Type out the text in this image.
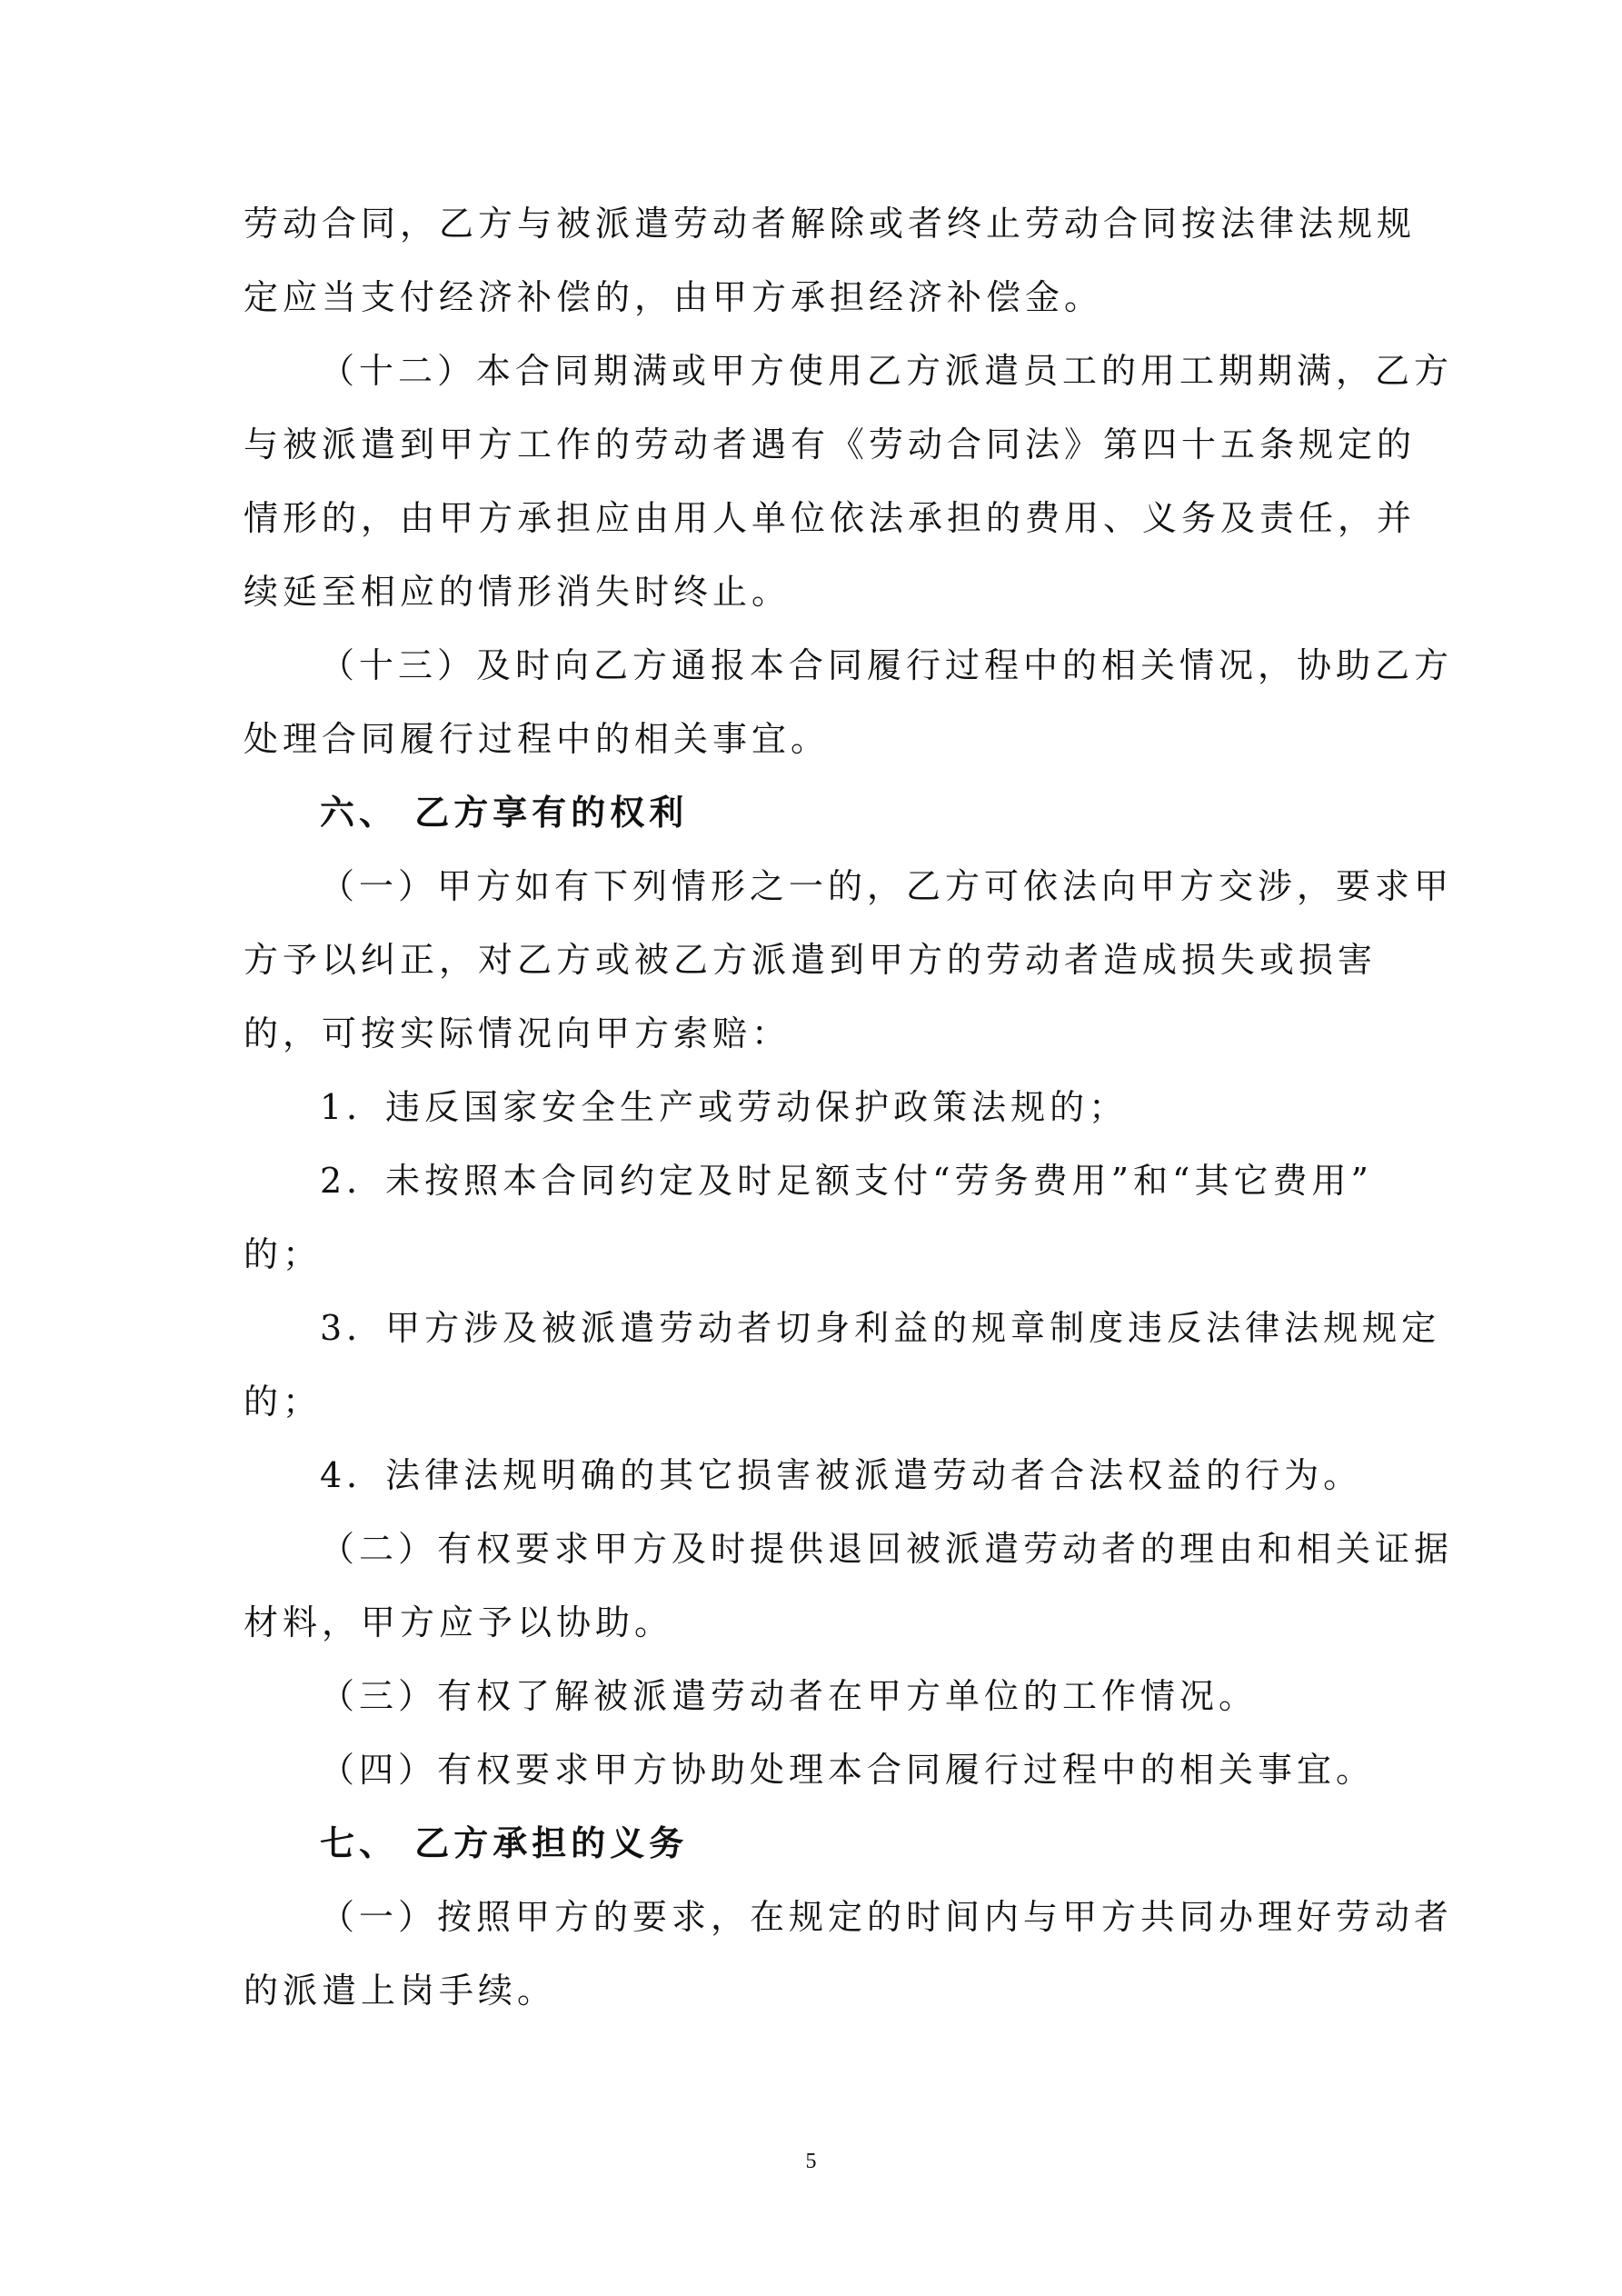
劳动合同，乙方与被派遣劳动者解除或者终止劳动合同按法律法规规
定应当支付经济补偿的，由甲方承担经济补偿金。
（十二）本合同期满或甲方使用乙方派遣员工的用工期期满，乙方
与被派遣到甲方工作的劳动者遇有《劳动合同法》第四十五条规定的
情形的，由甲方承担应由用人单位依法承担的费用、义务及责任，并
续延至相应的情形消失时终止。
（十三）及时向乙方通报本合同履行过程中的相关情况，协助乙方
处理合同履行过程中的相关事宜。
六、 乙方享有的权利
（一）甲方如有下列情形之一的，乙方可依法向甲方交涉，要求甲
方予以纠正，对乙方或被乙方派遣到甲方的劳动者造成损失或损害
的，可按实际情况向甲方索赔：
1．违反国家安全生产或劳动保护政策法规的；
2．未按照本合同约定及时足额支付“劳务费用”和“其它费用”
的；
3．甲方涉及被派遣劳动者切身利益的规章制度违反法律法规规定
的；
4．法律法规明确的其它损害被派遣劳动者合法权益的行为。
（二）有权要求甲方及时提供退回被派遣劳动者的理由和相关证据
材料，甲方应予以协助。
（三）有权了解被派遣劳动者在甲方单位的工作情况。
（四）有权要求甲方协助处理本合同履行过程中的相关事宜。
七、 乙方承担的义务
（一）按照甲方的要求，在规定的时间内与甲方共同办理好劳动者
的派遣上岗手续。
5
